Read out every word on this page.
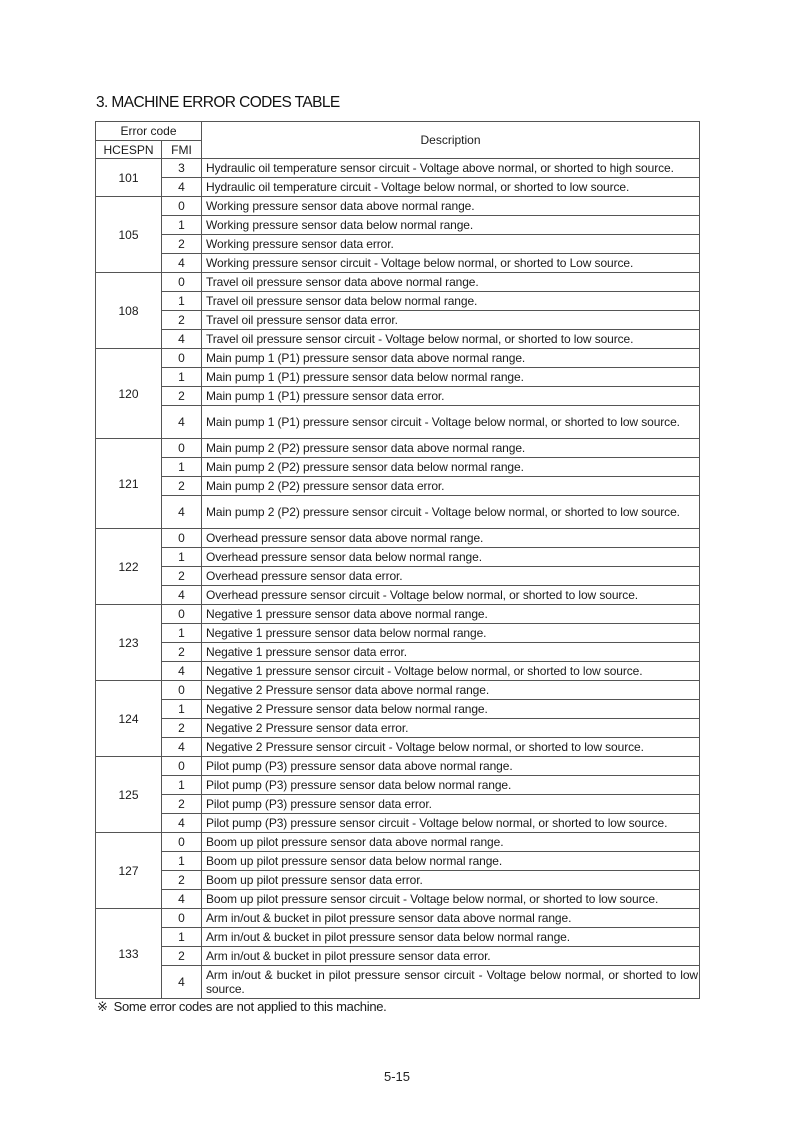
3. MACHINE ERROR CODES TABLE
Error code		Description
HCESPN	FMI	
101	3	Hydraulic oil temperature sensor circuit - Voltage above normal, or shorted to high source.
	4	Hydraulic oil temperature circuit - Voltage below normal, or shorted to low source.
105	0	Working pressure sensor data above normal range.
	1	Working pressure sensor data below normal range.
	2	Working pressure sensor data error.
	4	Working pressure sensor circuit - Voltage below normal, or shorted to Low source.
108	0	Travel oil pressure sensor data above normal range.
	1	Travel oil pressure sensor data below normal range.
	2	Travel oil pressure sensor data error.
	4	Travel oil pressure sensor circuit - Voltage below normal, or shorted to low source.
120	0	Main pump 1 (P1) pressure sensor data above normal range.
	1	Main pump 1 (P1) pressure sensor data below normal range.
	2	Main pump 1 (P1) pressure sensor data error.
	4	Main pump 1 (P1) pressure sensor circuit - Voltage below normal, or shorted to low source.
121	0	Main pump 2 (P2) pressure sensor data above normal range.
	1	Main pump 2 (P2) pressure sensor data below normal range.
	2	Main pump 2 (P2) pressure sensor data error.
	4	Main pump 2 (P2) pressure sensor circuit - Voltage below normal, or shorted to low source.
122	0	Overhead pressure sensor data above normal range.
	1	Overhead pressure sensor data below normal range.
	2	Overhead pressure sensor data error.
	4	Overhead pressure sensor circuit - Voltage below normal, or shorted to low source.
123	0	Negative 1 pressure sensor data above normal range.
	1	Negative 1 pressure sensor data below normal range.
	2	Negative 1 pressure sensor data error.
	4	Negative 1 pressure sensor circuit - Voltage below normal, or shorted to low source.
124	0	Negative 2 Pressure sensor data above normal range.
	1	Negative 2 Pressure sensor data below normal range.
	2	Negative 2 Pressure sensor data error.
	4	Negative 2 Pressure sensor circuit - Voltage below normal, or shorted to low source.
125	0	Pilot pump (P3) pressure sensor data above normal range.
	1	Pilot pump (P3) pressure sensor data below normal range.
	2	Pilot pump (P3) pressure sensor data error.
	4	Pilot pump (P3) pressure sensor circuit - Voltage below normal, or shorted to low source.
127	0	Boom up pilot pressure sensor data above normal range.
	1	Boom up pilot pressure sensor data below normal range.
	2	Boom up pilot pressure sensor data error.
	4	Boom up pilot pressure sensor circuit - Voltage below normal, or shorted to low source.
133	0	Arm in/out & bucket in pilot pressure sensor data above normal range.
	1	Arm in/out & bucket in pilot pressure sensor data below normal range.
	2	Arm in/out & bucket in pilot pressure sensor data error.
	4	Arm in/out & bucket in pilot pressure sensor circuit - Voltage below normal, or shorted to low source.
※ Some error codes are not applied to this machine.
5-15
